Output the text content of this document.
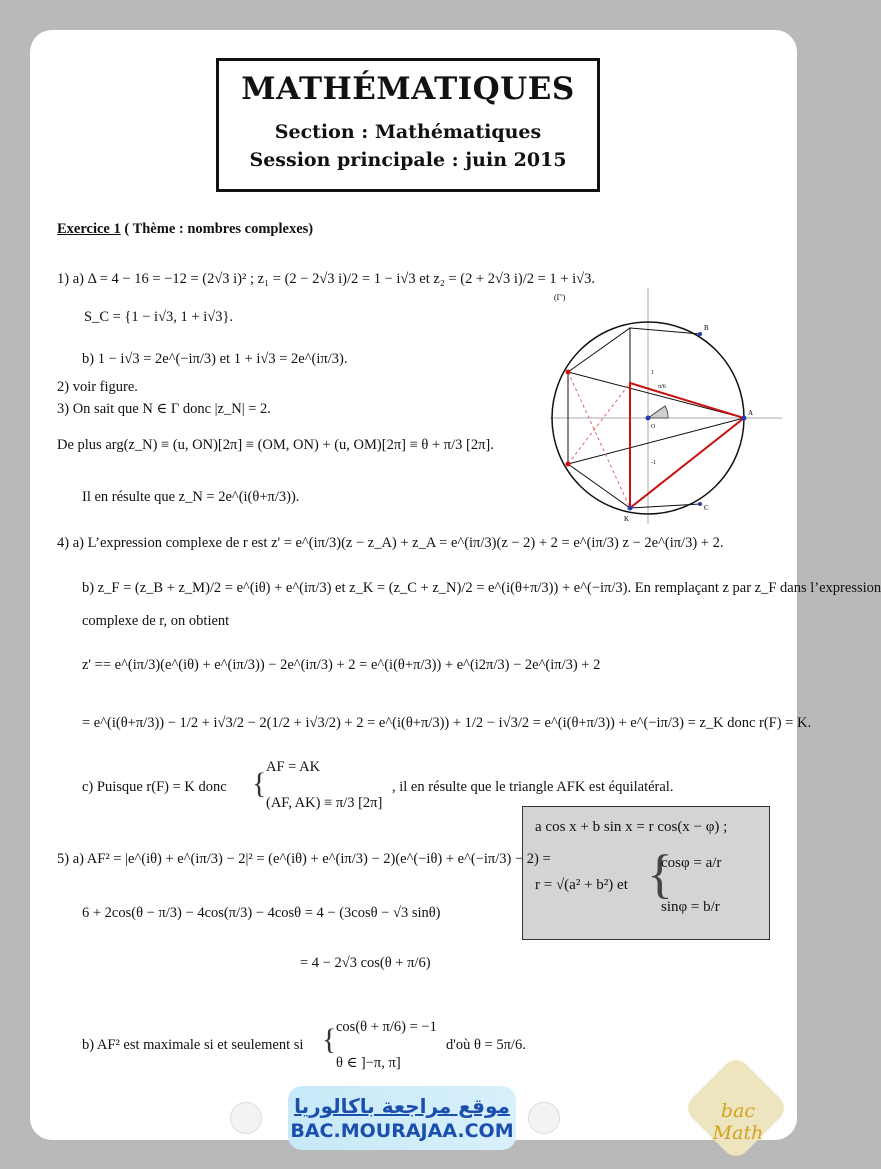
MATHÉMATIQUES
Section : Mathématiques
Session principale : juin 2015
Exercice 1 ( Thème : nombres complexes)
1) a) Δ = 4 − 16 = −12 = (2√3 i)² ; z₁ = (2 − 2√3 i)/2 = 1 − i√3 et z₂ = (2 + 2√3 i)/2 = 1 + i√3.
S_C = {1 − i√3, 1 + i√3}.
b) 1 − i√3 = 2e^(−iπ/3) et 1 + i√3 = 2e^(iπ/3).
2) voir figure.
3) On sait que N ∈ Γ donc |z_N| = 2.
De plus arg(z_N) ≡ (u, ON)[2π] ≡ (OM, ON) + (u, OM)[2π] ≡ θ + π/3 [2π].
Il en résulte que z_N = 2e^(i(θ+π/3)).
(Γ')
B
C
A
K
O
π/6
1
-1
4) a) L’expression complexe de r est z' = e^(iπ/3)(z − z_A) + z_A = e^(iπ/3)(z − 2) + 2 = e^(iπ/3) z − 2e^(iπ/3) + 2.
b) z_F = (z_B + z_M)/2 = e^(iθ) + e^(iπ/3) et z_K = (z_C + z_N)/2 = e^(i(θ+π/3)) + e^(−iπ/3). En remplaçant z par z_F dans l’expression
complexe de r, on obtient
z' == e^(iπ/3)(e^(iθ) + e^(iπ/3)) − 2e^(iπ/3) + 2 = e^(i(θ+π/3)) + e^(i2π/3) − 2e^(iπ/3) + 2
= e^(i(θ+π/3)) − 1/2 + i√3/2 − 2(1/2 + i√3/2) + 2 = e^(i(θ+π/3)) + 1/2 − i√3/2 = e^(i(θ+π/3)) + e^(−iπ/3) = z_K donc r(F) = K.
c) Puisque r(F) = K donc { AF = AK
(AF, AK) ≡ π/3 [2π]
, il en résulte que le triangle AFK est équilatéral.
a cos x + b sin x = r cos(x − φ) ;
r = √(a² + b²) et {
cosφ = a/r
sinφ = b/r
5) a) AF² = |e^(iθ) + e^(iπ/3) − 2|² = (e^(iθ) + e^(iπ/3) − 2)(e^(−iθ) + e^(−iπ/3) − 2) =
6 + 2cos(θ − π/3) − 4cos(π/3) − 4cosθ = 4 − (3cosθ − √3 sinθ)
= 4 − 2√3 cos(θ + π/6)
b) AF² est maximale si et seulement si { cos(θ + π/6) = −1
θ ∈ ]−π, π]
d'où θ = 5π/6.
موقع مراجعة باكالوريا
BAC.MOURAJAA.COM
bac Math
